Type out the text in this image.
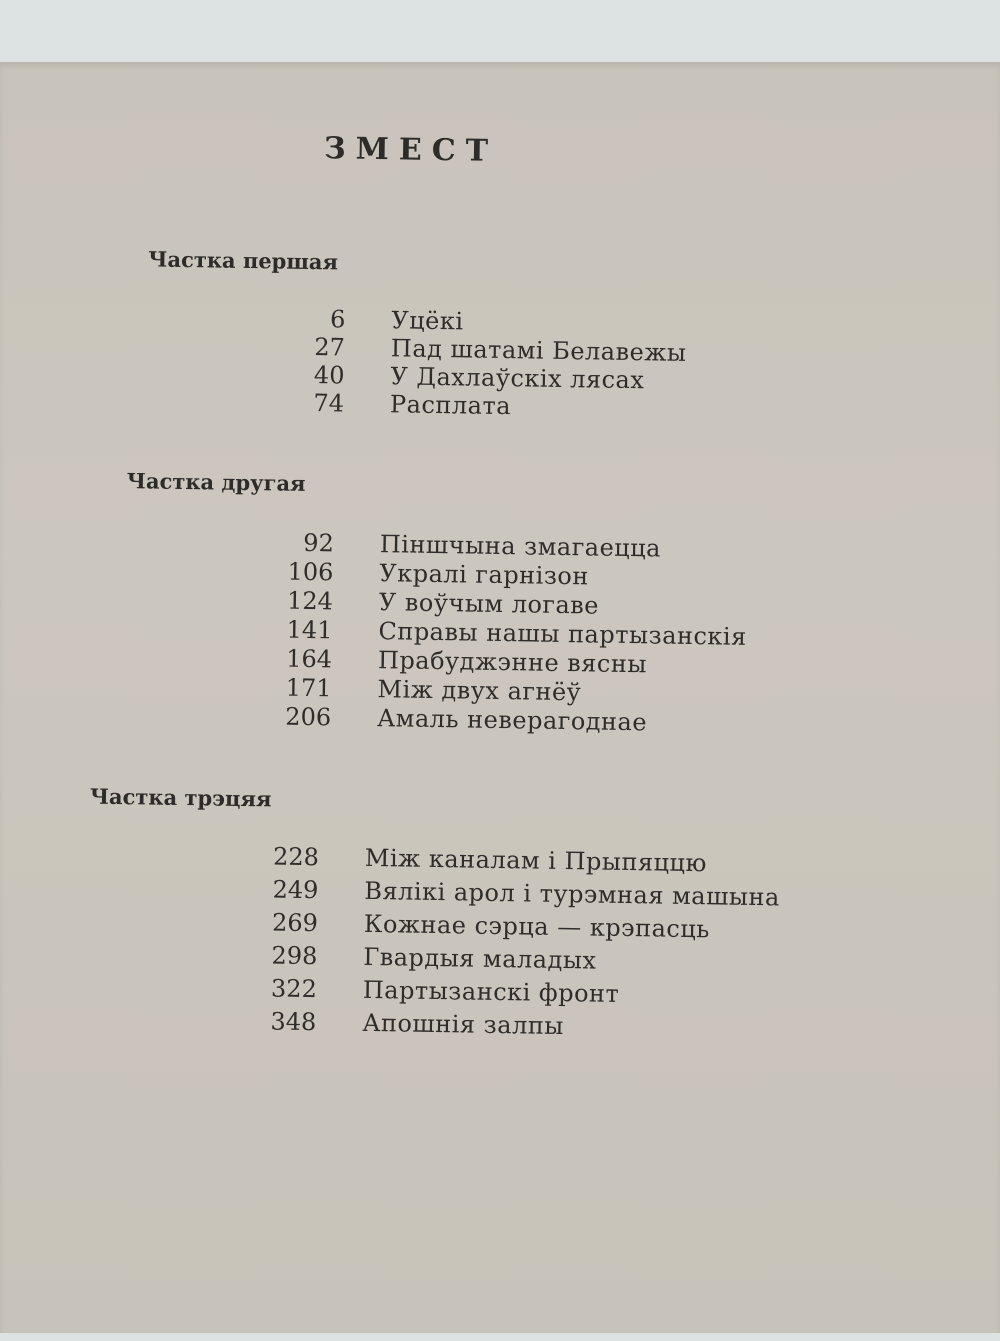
ЗМЕСТ
Частка першая
6 Уцёкі
27 Пад шатамі Белавежы
40 У Дахлаўскіх лясах
74 Расплата
Частка другая
92 Пiншчына змагаецца
106 Укралі гарнізон
124 У воўчым логаве
141 Справы нашы партызанскія
164 Прабуджэнне вясны
171 Між двух агнёў
206 Амаль неверагоднае
Частка трэцяя
228 Між каналам і Прыпяццю
249 Вялікі арол і турэмная машына
269 Кожнае сэрца — крэпасць
298 Гвардыя маладых
322 Партызанскі фронт
348 Апошнія залпы
